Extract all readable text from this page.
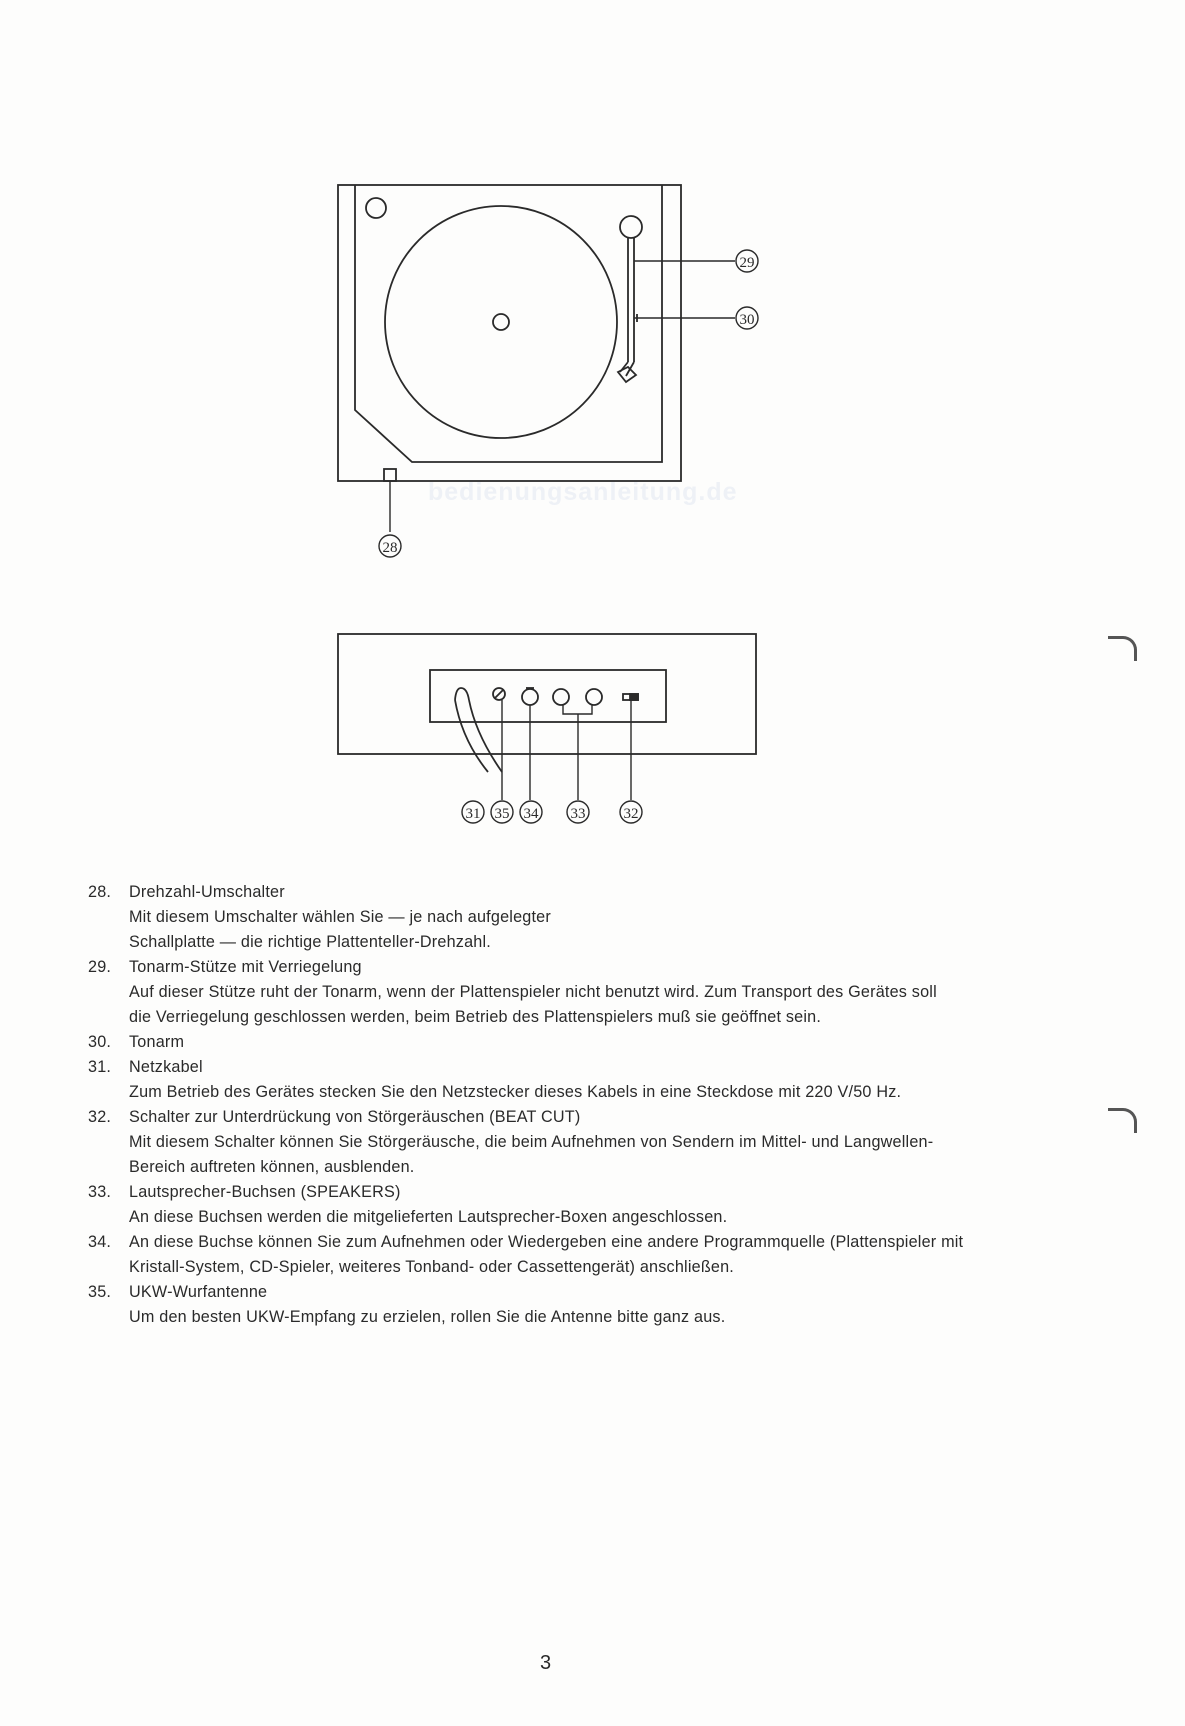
29
30
28
31 35 34 33	32
bedienungsanleitung.de
28.	Drehzahl-Umschalter
Mit diesem Umschalter wählen Sie — je nach aufgelegter
Schallplatte — die richtige Plattenteller-Drehzahl.
29.	Tonarm-Stütze mit Verriegelung
Auf dieser Stütze ruht der Tonarm, wenn der Plattenspieler nicht benutzt wird. Zum Transport des Gerätes soll
die Verriegelung geschlossen werden, beim Betrieb des Plattenspielers muß sie geöffnet sein.
30.	Tonarm
31.	Netzkabel
Zum Betrieb des Gerätes stecken Sie den Netzstecker dieses Kabels in eine Steckdose mit 220 V/50 Hz.
32.	Schalter zur Unterdrückung von Störgeräuschen (BEAT CUT)
Mit diesem Schalter können Sie Störgeräusche, die beim Aufnehmen von Sendern im Mittel- und Langwellen-
Bereich auftreten können, ausblenden.
33.	Lautsprecher-Buchsen (SPEAKERS)
An diese Buchsen werden die mitgelieferten Lautsprecher-Boxen angeschlossen.
34.	An diese Buchse können Sie zum Aufnehmen oder Wiedergeben eine andere Programmquelle (Plattenspieler mit
Kristall-System, CD-Spieler, weiteres Tonband- oder Cassettengerät) anschließen.
35.	UKW-Wurfantenne
Um den besten UKW-Empfang zu erzielen, rollen Sie die Antenne bitte ganz aus.
3
